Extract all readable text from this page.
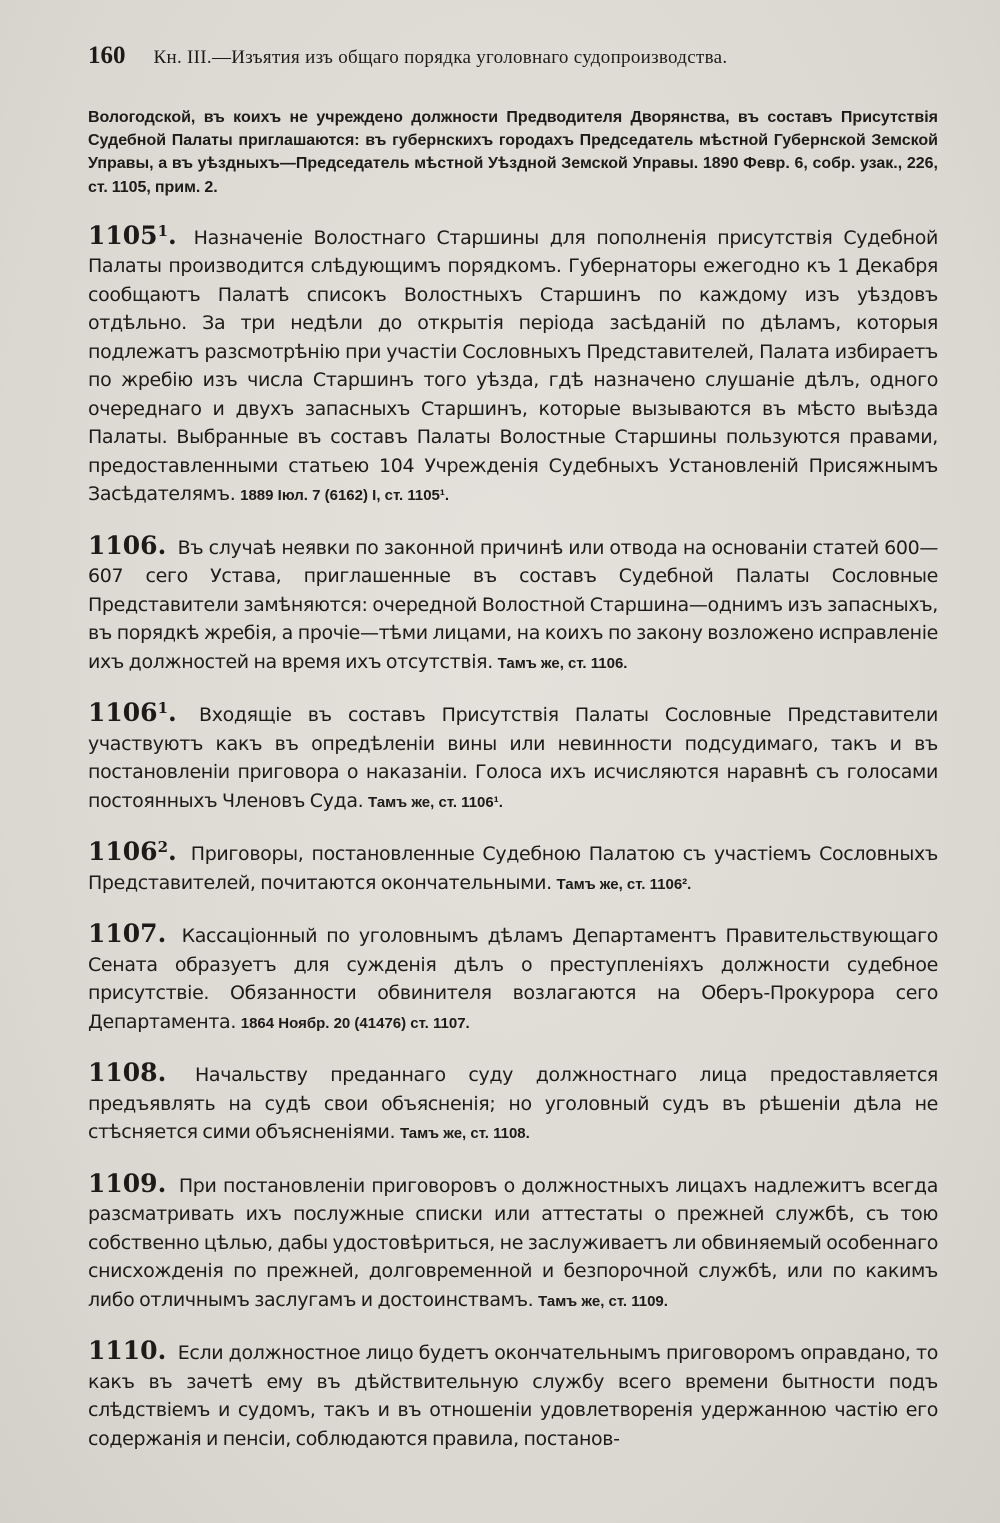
160 Кн. III.—Изъятия изъ общаго порядка уголовнаго судопроизводства.

Вологодской, въ коихъ не учреждено должности Предводителя Дворянства, въ составъ Присутствія Судебной Палаты приглашаются: въ губернскихъ городахъ Председатель мѣстной Губернской Земской Управы, а въ уѣздныхъ—Председатель мѣстной Уѣздной Земской Управы. 1890 Февр. 6, собр. узак., 226, ст. 1105, прим. 2.

1105$^1$. Назначеніе Волостнаго Старшины для пополненія присутствія Судебной Палаты производится слѣдующимъ порядкомъ. Губернаторы ежегодно къ 1 Декабря сообщаютъ Палатѣ списокъ Волостныхъ Старшинъ по каждому изъ уѣздовъ отдѣльно. За три недѣли до открытія періода засѣданій по дѣламъ, которыя подлежатъ разсмотрѣнію при участіи Сословныхъ Представителей, Палата избираетъ по жребію изъ числа Старшинъ того уѣзда, гдѣ назначено слушаніе дѣлъ, одного очереднаго и двухъ запасныхъ Старшинъ, которые вызываются въ мѣсто выѣзда Палаты. Выбранные въ составъ Палаты Волостные Старшины пользуются правами, предоставленными статьею 104 Учрежденія Судебныхъ Установленій Присяжнымъ Засѣдателямъ. 1889 Іюл. 7 (6162) І, ст. 1105¹.

1106. Въ случаѣ неявки по законной причинѣ или отвода на основаніи статей 600—607 сего Устава, приглашенные въ составъ Судебной Палаты Сословные Представители замѣняются: очередной Волостной Старшина—однимъ изъ запасныхъ, въ порядкѣ жребія, а прочіе—тѣми лицами, на коихъ по закону возложено исправленіе ихъ должностей на время ихъ отсутствія. Тамъ же, ст. 1106.

1106$^1$. Входящіе въ составъ Присутствія Палаты Сословные Представители участвуютъ какъ въ опредѣленіи вины или невинности подсудимаго, такъ и въ постановленіи приговора о наказаніи. Голоса ихъ исчисляются наравнѣ съ голосами постоянныхъ Членовъ Суда. Тамъ же, ст. 1106¹.

1106$^2$. Приговоры, постановленные Судебною Палатою съ участіемъ Сословныхъ Представителей, почитаются окончательными. Тамъ же, ст. 1106².

1107. Кассаціонный по уголовнымъ дѣламъ Департаментъ Правительствующаго Сената образуетъ для сужденія дѣлъ о преступленіяхъ должности судебное присутствіе. Обязанности обвинителя возлагаются на Оберъ-Прокурора сего Департамента. 1864 Ноябр. 20 (41476) ст. 1107.

1108. Начальству преданнаго суду должностнаго лица предоставляется предъявлять на судѣ свои объясненія; но уголовный судъ въ рѣшеніи дѣла не стѣсняется сими объясненіями. Тамъ же, ст. 1108.

1109. При постановленіи приговоровъ о должностныхъ лицахъ надлежитъ всегда разсматривать ихъ послужные списки или аттестаты о прежней службѣ, съ тою собственно цѣлью, дабы удостовѣриться, не заслуживаетъ ли обвиняемый особеннаго снисхожденія по прежней, долговременной и безпорочной службѣ, или по какимъ либо отличнымъ заслугамъ и достоинствамъ. Тамъ же, ст. 1109.

1110. Если должностное лицо будетъ окончательнымъ приговоромъ оправдано, то какъ въ зачетѣ ему въ дѣйствительную службу всего времени бытности подъ слѣдствіемъ и судомъ, такъ и въ отношеніи удовлетворенія удержанною частію его содержанія и пенсіи, соблюдаются правила, постанов-
